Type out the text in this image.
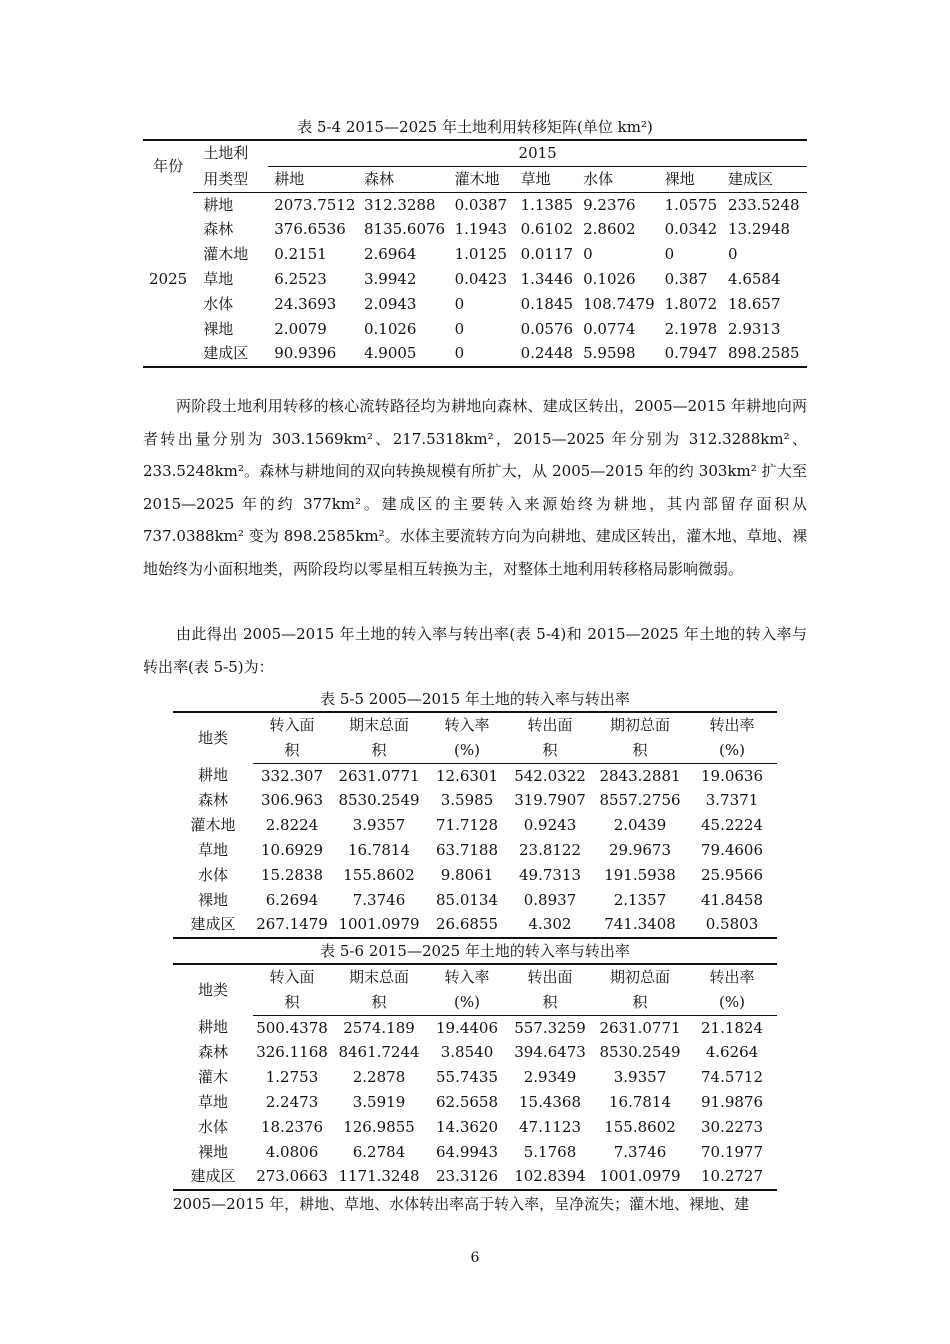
表 5-4 2015—2025 年土地利用转移矩阵(单位 km²)
年份	土地利	2015						
	用类型	耕地	森林	灌木地	草地	水体	裸地	建成区
2025	耕地	2073.7512	312.3288	0.0387	1.1385	9.2376	1.0575	233.5248
	森林	376.6536	8135.6076	1.1943	0.6102	2.8602	0.0342	13.2948
	灌木地	0.2151	2.6964	1.0125	0.0117	0	0	0
	草地	6.2523	3.9942	0.0423	1.3446	0.1026	0.387	4.6584
	水体	24.3693	2.0943	0	0.1845	108.7479	1.8072	18.657
	裸地	2.0079	0.1026	0	0.0576	0.0774	2.1978	2.9313
	建成区	90.9396	4.9005	0	0.2448	5.9598	0.7947	898.2585
两阶段土地利用转移的核心流转路径均为耕地向森林、建成区转出，2005—2015 年耕地向两者转出量分别为 303.1569km²、217.5318km²，2015—2025 年分别为 312.3288km²、233.5248km²。森林与耕地间的双向转换规模有所扩大，从 2005—2015 年的约 303km² 扩大至 2015—2025 年的约 377km²。建成区的主要转入来源始终为耕地，其内部留存面积从 737.0388km² 变为 898.2585km²。水体主要流转方向为向耕地、建成区转出，灌木地、草地、裸地始终为小面积地类，两阶段均以零星相互转换为主，对整体土地利用转移格局影响微弱。
由此得出 2005—2015 年土地的转入率与转出率(表 5-4)和 2015—2025 年土地的转入率与转出率(表 5-5)为：
表 5-5 2005—2015 年土地的转入率与转出率
地类	转入面	期末总面	转入率	转出面	期初总面	转出率
	积	积	(%)	积	积	(%)
耕地	332.307	2631.0771	12.6301	542.0322	2843.2881	19.0636
森林	306.963	8530.2549	3.5985	319.7907	8557.2756	3.7371
灌木地	2.8224	3.9357	71.7128	0.9243	2.0439	45.2224
草地	10.6929	16.7814	63.7188	23.8122	29.9673	79.4606
水体	15.2838	155.8602	9.8061	49.7313	191.5938	25.9566
裸地	6.2694	7.3746	85.0134	0.8937	2.1357	41.8458
建成区	267.1479	1001.0979	26.6855	4.302	741.3408	0.5803
表 5-6 2015—2025 年土地的转入率与转出率
地类	转入面	期末总面	转入率	转出面	期初总面	转出率
	积	积	(%)	积	积	(%)
耕地	500.4378	2574.189	19.4406	557.3259	2631.0771	21.1824
森林	326.1168	8461.7244	3.8540	394.6473	8530.2549	4.6264
灌木	1.2753	2.2878	55.7435	2.9349	3.9357	74.5712
草地	2.2473	3.5919	62.5658	15.4368	16.7814	91.9876
水体	18.2376	126.9855	14.3620	47.1123	155.8602	30.2273
裸地	4.0806	6.2784	64.9943	5.1768	7.3746	70.1977
建成区	273.0663	1171.3248	23.3126	102.8394	1001.0979	10.2727
2005—2015 年，耕地、草地、水体转出率高于转入率，呈净流失；灌木地、裸地、建
6
